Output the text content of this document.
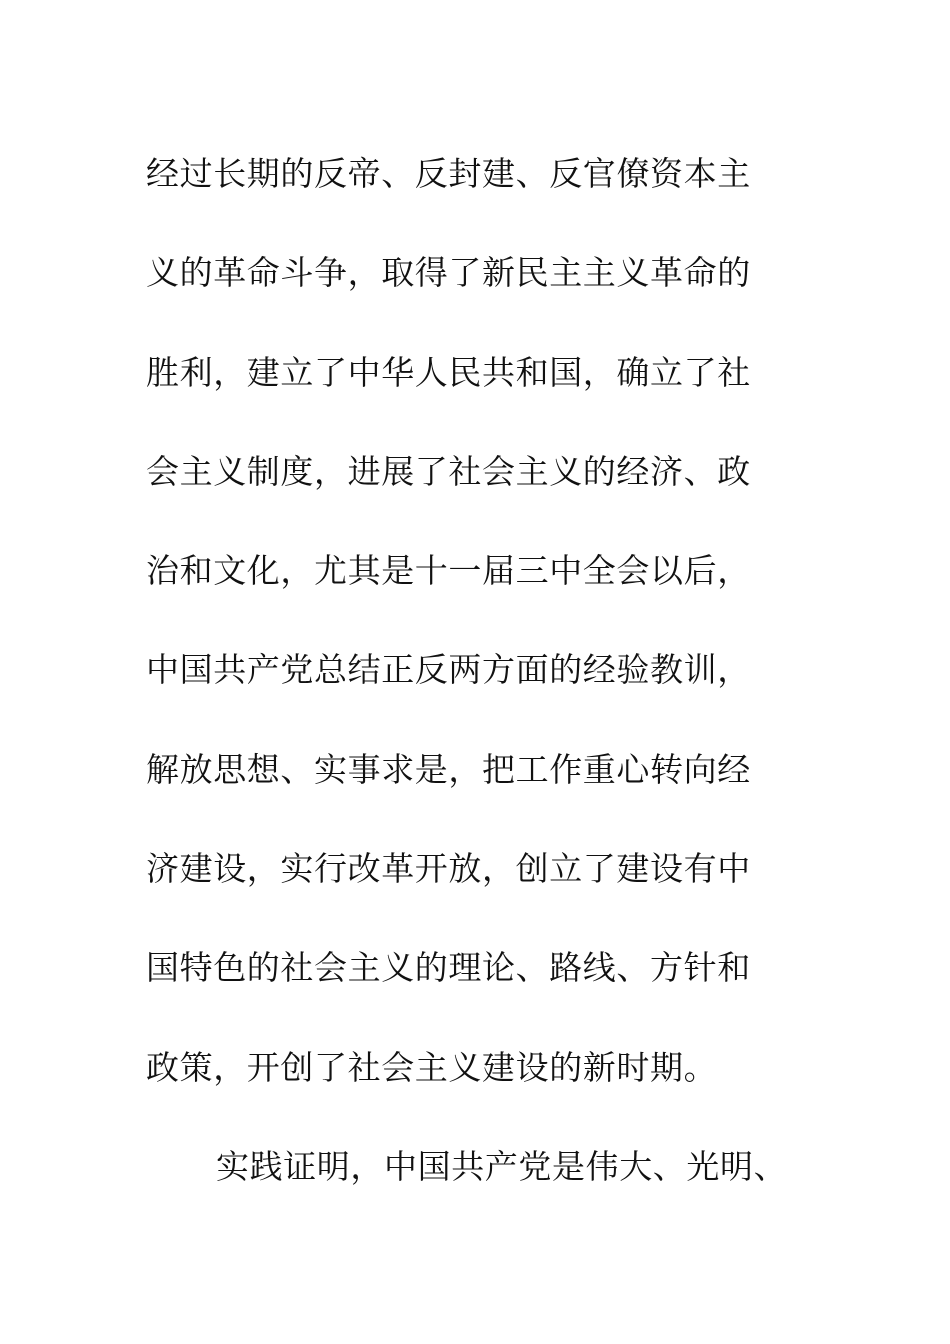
经过长期的反帝、反封建、反官僚资本主
义的革命斗争，取得了新民主主义革命的
胜利，建立了中华人民共和国，确立了社
会主义制度，进展了社会主义的经济、政
治和文化，尤其是十一届三中全会以后，
中国共产党总结正反两方面的经验教训，
解放思想、实事求是，把工作重心转向经
济建设，实行改革开放，创立了建设有中
国特色的社会主义的理论、路线、方针和
政策，开创了社会主义建设的新时期。
实践证明，中国共产党是伟大、光明、
